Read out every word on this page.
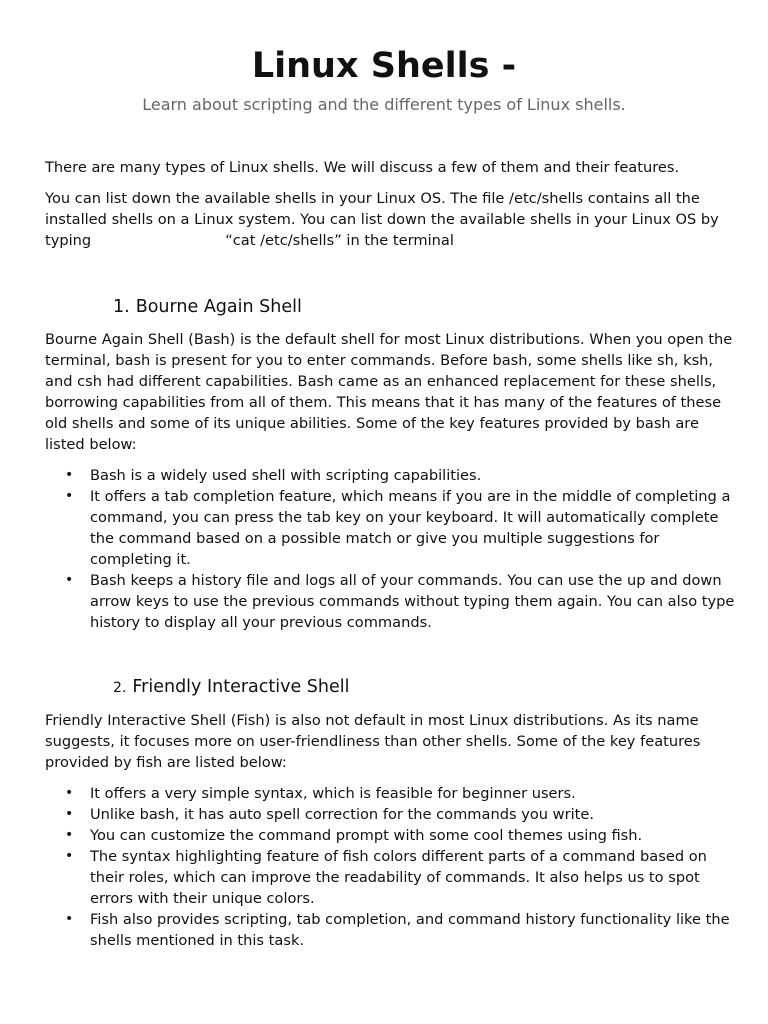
Linux Shells -
Learn about scripting and the different types of Linux shells.

There are many types of Linux shells. We will discuss a few of them and their features.

You can list down the available shells in your Linux OS. The file /etc/shells contains all the installed shells on a Linux system. You can list down the available shells in your Linux OS by typing	“cat /etc/shells” in the terminal

1. Bourne Again Shell

Bourne Again Shell (Bash) is the default shell for most Linux distributions. When you open the terminal, bash is present for you to enter commands. Before bash, some shells like sh, ksh, and csh had different capabilities. Bash came as an enhanced replacement for these shells, borrowing capabilities from all of them. This means that it has many of the features of these old shells and some of its unique abilities. Some of the key features provided by bash are listed below:

• Bash is a widely used shell with scripting capabilities.
• It offers a tab completion feature, which means if you are in the middle of completing a command, you can press the tab key on your keyboard. It will automatically complete the command based on a possible match or give you multiple suggestions for completing it.
• Bash keeps a history file and logs all of your commands. You can use the up and down arrow keys to use the previous commands without typing them again. You can also type history to display all your previous commands.
2. Friendly Interactive Shell

Friendly Interactive Shell (Fish) is also not default in most Linux distributions. As its name suggests, it focuses more on user-friendliness than other shells. Some of the key features provided by fish are listed below:

• It offers a very simple syntax, which is feasible for beginner users.
• Unlike bash, it has auto spell correction for the commands you write.
• You can customize the command prompt with some cool themes using fish.
• The syntax highlighting feature of fish colors different parts of a command based on their roles, which can improve the readability of commands. It also helps us to spot errors with their unique colors.
• Fish also provides scripting, tab completion, and command history functionality like the shells mentioned in this task.
